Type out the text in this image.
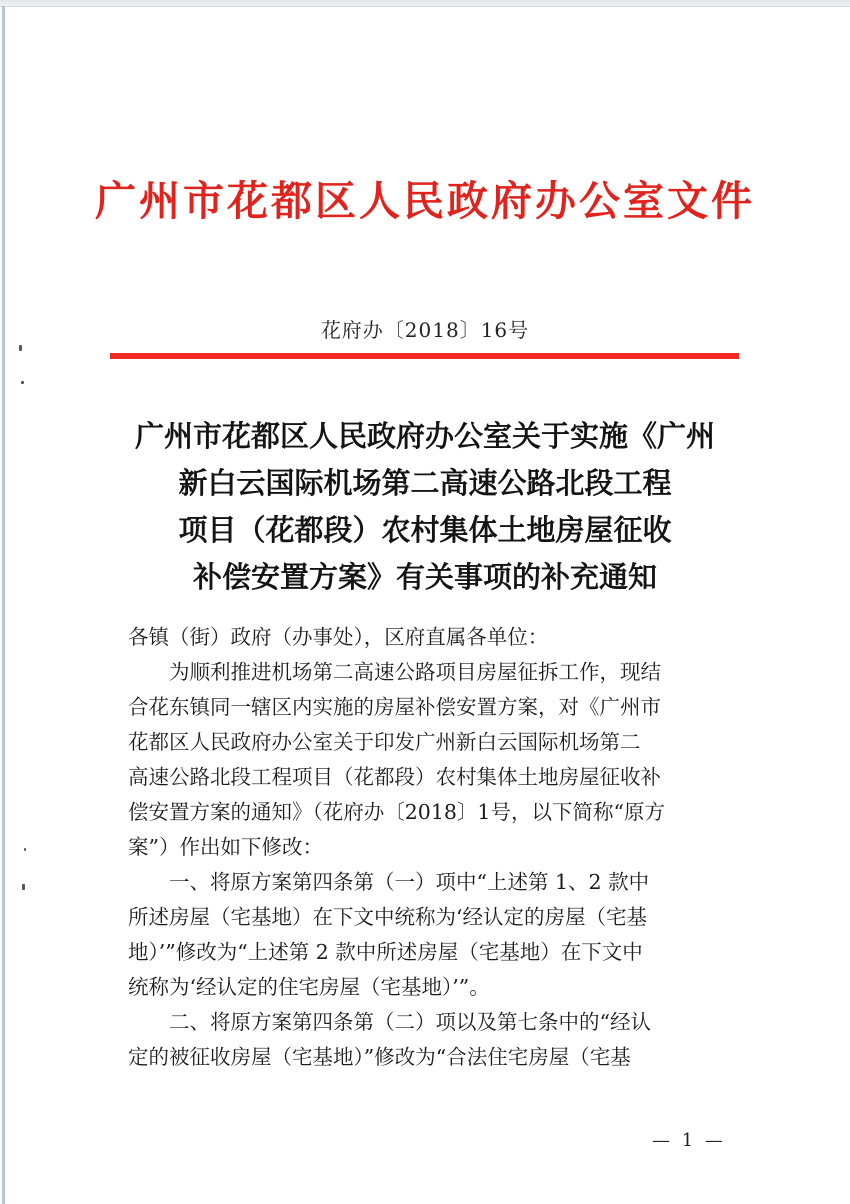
广州市花都区人民政府办公室文件
花府办〔2018〕16号
广州市花都区人民政府办公室关于实施《广州
新白云国际机场第二高速公路北段工程
项目（花都段）农村集体土地房屋征收
补偿安置方案》有关事项的补充通知
各镇（街）政府（办事处），区府直属各单位：
为顺利推进机场第二高速公路项目房屋征拆工作，现结
合花东镇同一辖区内实施的房屋补偿安置方案，对《广州市
花都区人民政府办公室关于印发广州新白云国际机场第二
高速公路北段工程项目（花都段）农村集体土地房屋征收补
偿安置方案的通知》（花府办〔2018〕1号，以下简称“原方
案”）作出如下修改：
一、将原方案第四条第（一）项中“上述第 1、2 款中
所述房屋（宅基地）在下文中统称为‘经认定的房屋（宅基
地）’”修改为“上述第 2 款中所述房屋（宅基地）在下文中
统称为‘经认定的住宅房屋（宅基地）’”。
二、将原方案第四条第（二）项以及第七条中的“经认
定的被征收房屋（宅基地）”修改为“合法住宅房屋（宅基
— 1 —
